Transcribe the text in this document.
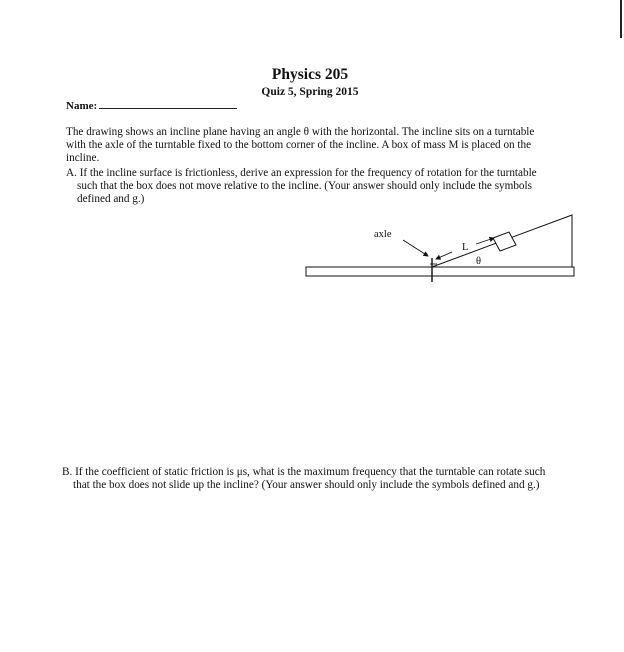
Physics 205
Quiz 5, Spring 2015
Name:
The drawing shows an incline plane having an angle θ with the horizontal. The incline sits on a turntable with the axle of the turntable fixed to the bottom corner of the incline. A box of mass M is placed on the incline.

A. If the incline surface is frictionless, derive an expression for the frequency of rotation for the turntable such that the box does not move relative to the incline. (Your answer should only include the symbols defined and g.)

axle
L
θ

B. If the coefficient of static friction is μs, what is the maximum frequency that the turntable can rotate such that the box does not slide up the incline? (Your answer should only include the symbols defined and g.)
